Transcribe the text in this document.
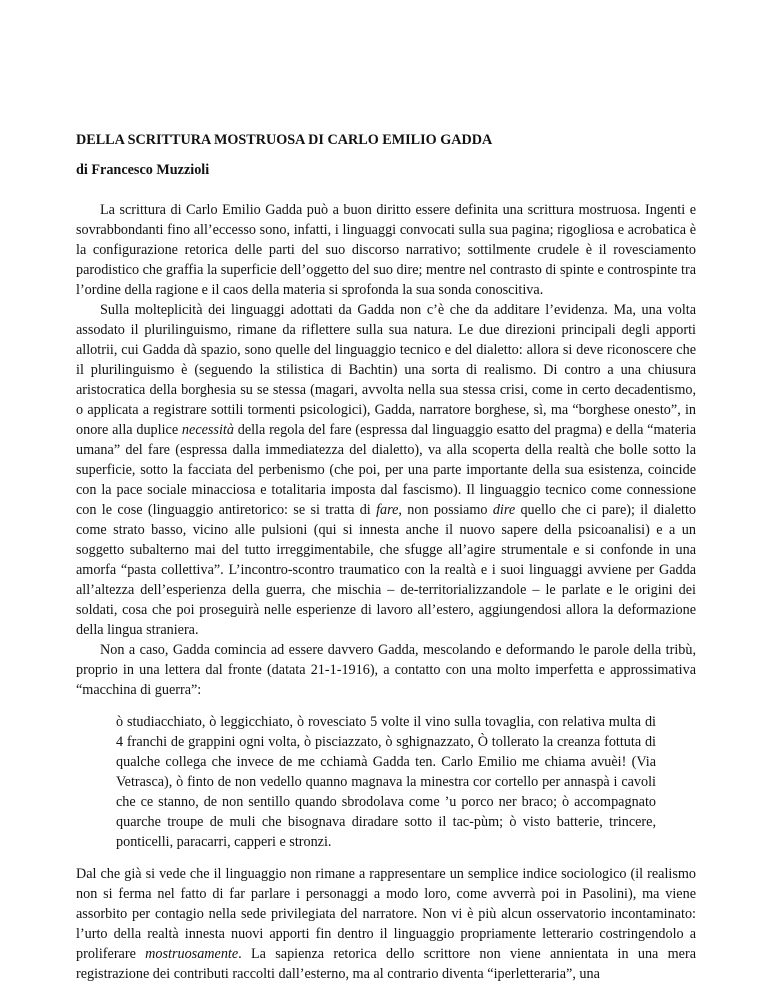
DELLA SCRITTURA MOSTRUOSA DI CARLO EMILIO GADDA
di Francesco Muzzioli

La scrittura di Carlo Emilio Gadda può a buon diritto essere definita una scrittura mostruosa. Ingenti e sovrabbondanti fino all’eccesso sono, infatti, i linguaggi convocati sulla sua pagina; rigogliosa e acrobatica è la configurazione retorica delle parti del suo discorso narrativo; sottilmente crudele è il rovesciamento parodistico che graffia la superficie dell’oggetto del suo dire; mentre nel contrasto di spinte e controspinte tra l’ordine della ragione e il caos della materia si sprofonda la sua sonda conoscitiva.

Sulla molteplicità dei linguaggi adottati da Gadda non c’è che da additare l’evidenza. Ma, una volta assodato il plurilinguismo, rimane da riflettere sulla sua natura. Le due direzioni principali degli apporti allotrii, cui Gadda dà spazio, sono quelle del linguaggio tecnico e del dialetto: allora si deve riconoscere che il plurilinguismo è (seguendo la stilistica di Bachtin) una sorta di realismo. Di contro a una chiusura aristocratica della borghesia su se stessa (magari, avvolta nella sua stessa crisi, come in certo decadentismo, o applicata a registrare sottili tormenti psicologici), Gadda, narratore borghese, sì, ma “borghese onesto”, in onore alla duplice necessità della regola del fare (espressa dal linguaggio esatto del pragma) e della “materia umana” del fare (espressa dalla immediatezza del dialetto), va alla scoperta della realtà che bolle sotto la superficie, sotto la facciata del perbenismo (che poi, per una parte importante della sua esistenza, coincide con la pace sociale minacciosa e totalitaria imposta dal fascismo). Il linguaggio tecnico come connessione con le cose (linguaggio antiretorico: se si tratta di fare, non possiamo dire quello che ci pare); il dialetto come strato basso, vicino alle pulsioni (qui si innesta anche il nuovo sapere della psicoanalisi) e a un soggetto subalterno mai del tutto irreggimentabile, che sfugge all’agire strumentale e si confonde in una amorfa “pasta collettiva”. L’incontro-scontro traumatico con la realtà e i suoi linguaggi avviene per Gadda all’altezza dell’esperienza della guerra, che mischia – de-territorializzandole – le parlate e le origini dei soldati, cosa che poi proseguirà nelle esperienze di lavoro all’estero, aggiungendosi allora la deformazione della lingua straniera.

Non a caso, Gadda comincia ad essere davvero Gadda, mescolando e deformando le parole della tribù, proprio in una lettera dal fronte (datata 21-1-1916), a contatto con una molto imperfetta e approssimativa “macchina di guerra”:

ò studiacchiato, ò leggicchiato, ò rovesciato 5 volte il vino sulla tovaglia, con relativa multa di 4 franchi de grappini ogni volta, ò pisciazzato, ò sghignazzato, Ò tollerato la creanza fottuta di qualche collega che invece de me cchiamà Gadda ten. Carlo Emilio me chiama avuèi! (Via Vetrasca), ò finto de non vedello quanno magnava la minestra cor cortello per annaspà i cavoli che ce stanno, de non sentillo quando sbrodolava come ’u porco ner braco; ò accompagnato quarche troupe de muli che bisognava diradare sotto il tac-pùm; ò visto batterie, trincere, ponticelli, paracarri, capperi e stronzi.

Dal che già si vede che il linguaggio non rimane a rappresentare un semplice indice sociologico (il realismo non si ferma nel fatto di far parlare i personaggi a modo loro, come avverrà poi in Pasolini), ma viene assorbito per contagio nella sede privilegiata del narratore. Non vi è più alcun osservatorio incontaminato: l’urto della realtà innesta nuovi apporti fin dentro il linguaggio propriamente letterario costringendolo a proliferare mostruosamente. La sapienza retorica dello scrittore non viene annientata in una mera registrazione dei contributi raccolti dall’esterno, ma al contrario diventa “iperletteraria”, una
